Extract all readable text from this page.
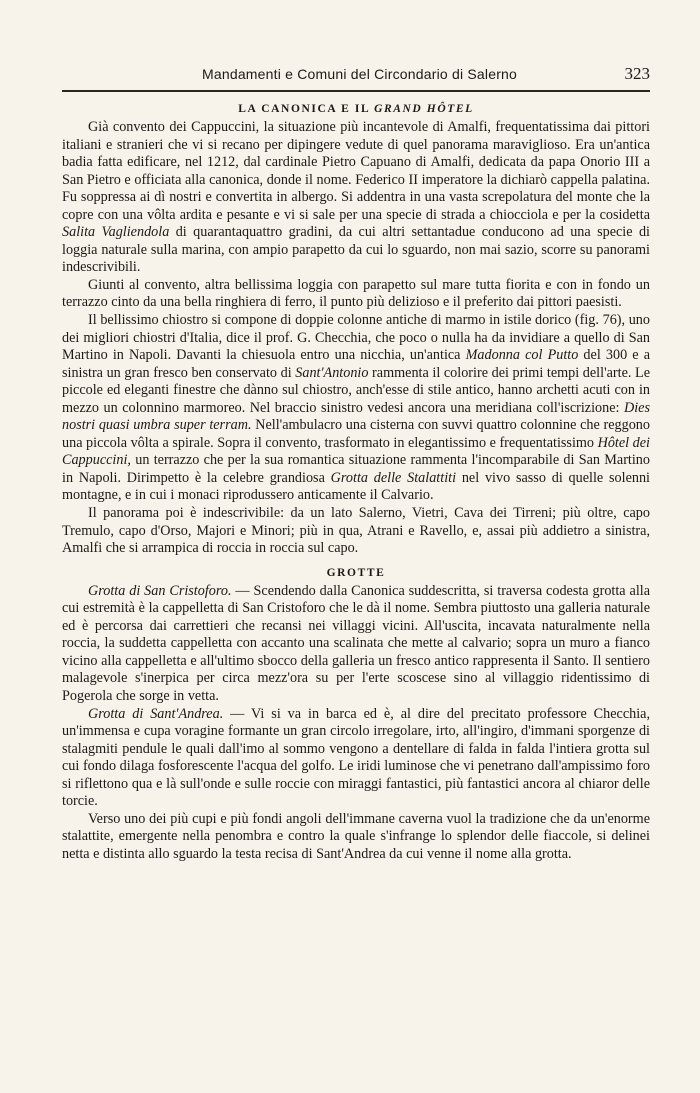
Mandamenti e Comuni del Circondario di Salerno	323
LA CANONICA E IL GRAND HÔTEL

Già convento dei Cappuccini, la situazione più incantevole di Amalfi, frequentatissima dai pittori italiani e stranieri che vi si recano per dipingere vedute di quel panorama maraviglioso. Era un'antica badia fatta edificare, nel 1212, dal cardinale Pietro Capuano di Amalfi, dedicata da papa Onorio III a San Pietro e officiata alla canonica, donde il nome. Federico II imperatore la dichiarò cappella palatina. Fu soppressa ai dì nostri e convertita in albergo. Si addentra in una vasta screpolatura del monte che la copre con una vôlta ardita e pesante e vi si sale per una specie di strada a chiocciola e per la cosidetta Salita Vagliendola di quarantaquattro gradini, da cui altri settantadue conducono ad una specie di loggia naturale sulla marina, con ampio parapetto da cui lo sguardo, non mai sazio, scorre su panorami indescrivibili.

Giunti al convento, altra bellissima loggia con parapetto sul mare tutta fiorita e con in fondo un terrazzo cinto da una bella ringhiera di ferro, il punto più delizioso e il preferito dai pittori paesisti.

Il bellissimo chiostro si compone di doppie colonne antiche di marmo in istile dorico (fig. 76), uno dei migliori chiostri d'Italia, dice il prof. G. Checchia, che poco o nulla ha da invidiare a quello di San Martino in Napoli. Davanti la chiesuola entro una nicchia, un'antica Madonna col Putto del 300 e a sinistra un gran fresco ben conservato di Sant'Antonio rammenta il colorire dei primi tempi dell'arte. Le piccole ed eleganti finestre che dànno sul chiostro, anch'esse di stile antico, hanno archetti acuti con in mezzo un colonnino marmoreo. Nel braccio sinistro vedesi ancora una meridiana coll'iscrizione: Dies nostri quasi umbra super terram. Nell'ambulacro una cisterna con suvvi quattro colonnine che reggono una piccola vôlta a spirale. Sopra il convento, trasformato in elegantissimo e frequentatissimo Hôtel dei Cappuccini, un terrazzo che per la sua romantica situazione rammenta l'incomparabile di San Martino in Napoli. Dirimpetto è la celebre grandiosa Grotta delle Stalattiti nel vivo sasso di quelle solenni montagne, e in cui i monaci riprodussero anticamente il Calvario.

Il panorama poi è indescrivibile: da un lato Salerno, Vietri, Cava dei Tirreni; più oltre, capo Tremulo, capo d'Orso, Majori e Minori; più in qua, Atrani e Ravello, e, assai più addietro a sinistra, Amalfi che si arrampica di roccia in roccia sul capo.

GROTTE

Grotta di San Cristoforo. — Scendendo dalla Canonica suddescritta, si traversa codesta grotta alla cui estremità è la cappelletta di San Cristoforo che le dà il nome. Sembra piuttosto una galleria naturale ed è percorsa dai carrettieri che recansi nei villaggi vicini. All'uscita, incavata naturalmente nella roccia, la suddetta cappelletta con accanto una scalinata che mette al calvario; sopra un muro a fianco vicino alla cappelletta e all'ultimo sbocco della galleria un fresco antico rappresenta il Santo. Il sentiero malagevole s'inerpica per circa mezz'ora su per l'erte scoscese sino al villaggio ridentissimo di Pogerola che sorge in vetta.

Grotta di Sant'Andrea. — Vi si va in barca ed è, al dire del precitato professore Checchia, un'immensa e cupa voragine formante un gran circolo irregolare, irto, all'ingiro, d'immani sporgenze di stalagmiti pendule le quali dall'imo al sommo vengono a dentellare di falda in falda l'intiera grotta sul cui fondo dilaga fosforescente l'acqua del golfo. Le iridi luminose che vi penetrano dall'ampissimo foro si riflettono qua e là sull'onde e sulle roccie con miraggi fantastici, più fantastici ancora al chiaror delle torcie.

Verso uno dei più cupi e più fondi angoli dell'immane caverna vuol la tradizione che da un'enorme stalattite, emergente nella penombra e contro la quale s'infrange lo splendor delle fiaccole, si delinei netta e distinta allo sguardo la testa recisa di Sant'Andrea da cui venne il nome alla grotta.
